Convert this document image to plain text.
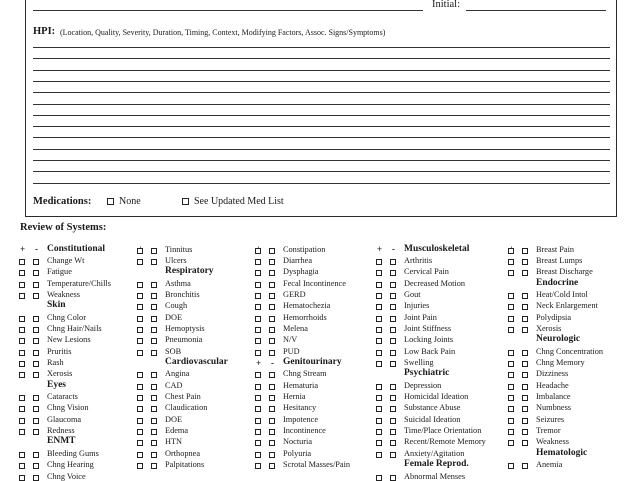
Initial:
HPI: (Location, Quality, Severity, Duration, Timing, Context, Modifying Factors, Assoc. Signs/Symptoms)
Medications:	None	See Updated Med List
Review of Systems:
+ - Constitutional
Change Wt
Fatigue
Temperature/Chills
Weakness
Skin
Chng Color
Chng Hair/Nails
New Lesions
Pruritis
Rash
Xerosis
Eyes
Cataracts
Chng Vision
Glaucoma
Redness
ENMT
Bleeding Gums
Chng Hearing
Chng Voice
Tinnitus
Ulcers
Respiratory
Asthma
Bronchitis
Cough
DOE
Hemoptysis
Pneumonia
SOB
Cardiovascular
Angina
CAD
Chest Pain
Claudication
DOE
Edema
HTN
Orthopnea
Palpitations
Constipation
Diarrhea
Dysphagia
Fecal Incontinence
GERD
Hematochezia
Hemorrhoids
Melena
N/V
PUD
Genitourinary
+ -
Chng Stream
Hematuria
Hernia
Hesitancy
Impotence
Incontinence
Nocturia
Polyuria
Scrotal Masses/Pain
+ - Musculoskeletal
Arthritis
Cervical Pain
Decreased Motion
Gout
Injuries
Joint Pain
Joint Stiffness
Locking Joints
Low Back Pain
Swelling
Psychiatric
Depression
Homicidal Ideation
Substance Abuse
Suicidal Ideation
Time/Place Orientation
Recent/Remote Memory
Anxiety/Agitation
Female Reprod.
Abnormal Menses
Breast Pain
Breast Lumps
Breast Discharge
Endocrine
Heat/Cold Intol
Neck Enlargement
Polydipsia
Xerosis
Neurologic
Chng Concentration
Chng Memory
Dizziness
Headache
Imbalance
Numbness
Seizures
Tremor
Weakness
Hematologic
Anemia
